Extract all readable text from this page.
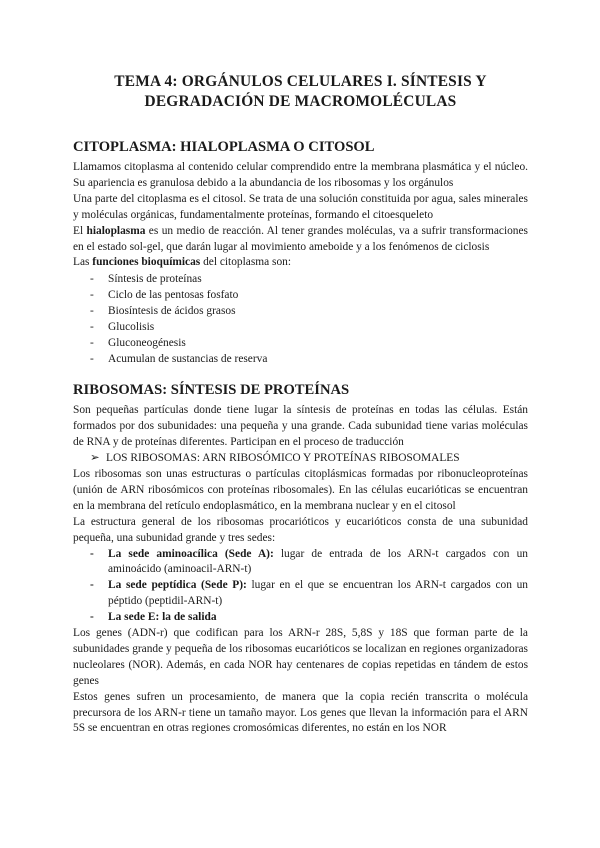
TEMA 4: ORGÁNULOS CELULARES I. SÍNTESIS Y
DEGRADACIÓN DE MACROMOLÉCULAS
CITOPLASMA: HIALOPLASMA O CITOSOL

Llamamos citoplasma al contenido celular comprendido entre la membrana plasmática y el núcleo. Su apariencia es granulosa debido a la abundancia de los ribosomas y los orgánulos

Una parte del citoplasma es el citosol. Se trata de una solución constituida por agua, sales minerales y moléculas orgánicas, fundamentalmente proteínas, formando el citoesqueleto

El hialoplasma es un medio de reacción. Al tener grandes moléculas, va a sufrir transformaciones en el estado sol-gel, que darán lugar al movimiento ameboide y a los fenómenos de ciclosis

Las funciones bioquímicas del citoplasma son:

- Síntesis de proteínas
- Ciclo de las pentosas fosfato
- Biosíntesis de ácidos grasos
- Glucolisis
- Gluconeogénesis
- Acumulan de sustancias de reserva
RIBOSOMAS: SÍNTESIS DE PROTEÍNAS

Son pequeñas partículas donde tiene lugar la síntesis de proteínas en todas las células. Están formados por dos subunidades: una pequeña y una grande. Cada subunidad tiene varias moléculas de RNA y de proteínas diferentes. Participan en el proceso de traducción

➢ LOS RIBOSOMAS: ARN RIBOSÓMICO Y PROTEÍNAS RIBOSOMALES

Los ribosomas son unas estructuras o partículas citoplásmicas formadas por ribonucleoproteínas (unión de ARN ribosómicos con proteínas ribosomales). En las células eucarióticas se encuentran en la membrana del retículo endoplasmático, en la membrana nuclear y en el citosol

La estructura general de los ribosomas procarióticos y eucarióticos consta de una subunidad pequeña, una subunidad grande y tres sedes:

- La sede aminoacílica (Sede A): lugar de entrada de los ARN-t cargados con un aminoácido (aminoacil-ARN-t)
- La sede peptídica (Sede P): lugar en el que se encuentran los ARN-t cargados con un péptido (peptidil-ARN-t)
- La sede E: la de salida

Los genes (ADN-r) que codifican para los ARN-r 28S, 5,8S y 18S que forman parte de la subunidades grande y pequeña de los ribosomas eucarióticos se localizan en regiones organizadoras nucleolares (NOR). Además, en cada NOR hay centenares de copias repetidas en tándem de estos genes

Estos genes sufren un procesamiento, de manera que la copia recién transcrita o molécula precursora de los ARN-r tiene un tamaño mayor. Los genes que llevan la información para el ARN 5S se encuentran en otras regiones cromosómicas diferentes, no están en los NOR
